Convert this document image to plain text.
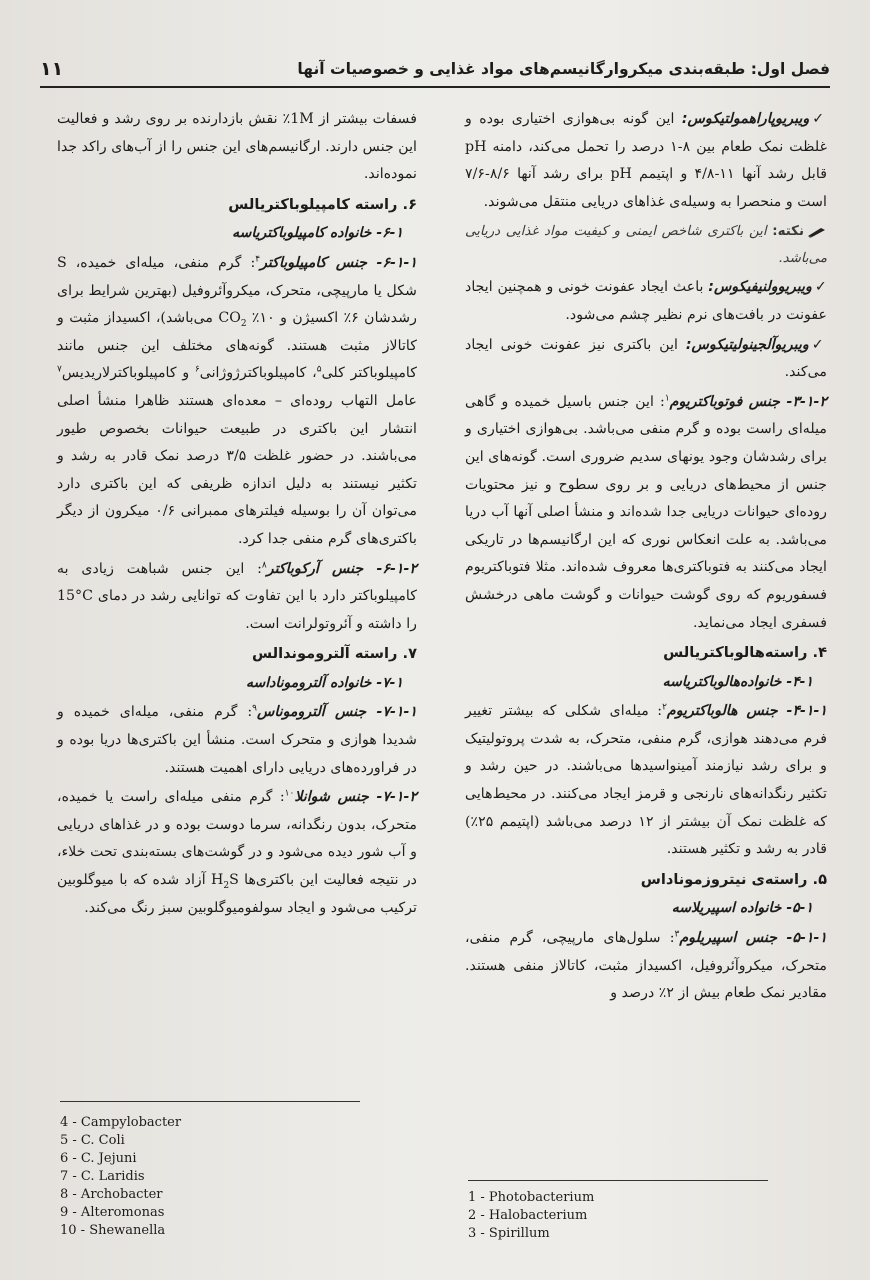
فصل اول: طبقه‌بندی میکروارگانیسم‌های مواد غذایی و خصوصیات آنها
۱۱

✓ویبریوپاراهمولتیکوس: این گونه بی‌هوازی اختیاری بوده و غلظت نمک طعام بین ۸-۱ درصد را تحمل می‌کند، دامنه pH قابل رشد آنها ۱۱-۴/۸ و اپتیمم pH برای رشد آنها ۸/۶-۷/۶ است و منحصرا به وسیله‌ی غذاهای دریایی منتقل می‌شوند.

نکته: این باکتری شاخص ایمنی و کیفیت مواد غذایی دریایی می‌باشد.

✓ویبریوولنیفیکوس: باعث ایجاد عفونت خونی و همچنین ایجاد عفونت در بافت‌های نرم نظیر چشم می‌شود.

✓ویبریوآلجینولیتیکوس: این باکتری نیز عفونت خونی ایجاد می‌کند.

۳-۱-۲- جنس فوتوباکتریوم$^۱$: این جنس باسیل خمیده و گاهی میله‌ای راست بوده و گرم منفی می‌باشد. بی‌هوازی اختیاری و برای رشدشان وجود یونهای سدیم ضروری است. گونه‌های این جنس از محیط‌های دریایی و بر روی سطوح و نیز محتویات روده‌ای حیوانات دریایی جدا شده‌اند و منشأ اصلی آنها آب دریا می‌باشد. به علت انعکاس نوری که این ارگانیسم‌ها در تاریکی ایجاد می‌کنند به فتوباکتری‌ها معروف شده‌اند. مثلا فتوباکتریوم فسفوریوم که روی گوشت حیوانات و گوشت ماهی درخشش فسفری ایجاد می‌نماید.

۴. راسته‌هالوباکتریالس

۴-۱- خانواده‌هالوباکتریاسه

۴-۱-۱- جنس هالوباکتریوم$^۲$: میله‌ای شکلی که بیشتر تغییر فرم می‌دهند هوازی، گرم منفی، متحرک، به شدت پروتولیتیک و برای رشد نیازمند آمینواسیدها می‌باشند. در حین رشد و تکثیر رنگدانه‌های نارنجی و قرمز ایجاد می‌کنند. در محیط‌هایی که غلظت نمک آن بیشتر از ۱۲ درصد می‌باشد (اپتیمم ۲۵٪) قادر به رشد و تکثیر هستند.

۵. راسته‌ی نیتروزموناداس

۵-۱- خانواده اسپیریلاسه

۵-۱-۱- جنس اسپیریلوم$^۳$: سلول‌های مارپیچی، گرم منفی، متحرک، میکروآئروفیل، اکسیداز مثبت، کاتالاز منفی هستند. مقادیر نمک طعام بیش از ۲٪ درصد و

فسفات بیشتر از 1M٪ نقش بازدارنده بر روی رشد و فعالیت این جنس دارند. ارگانیسم‌های این جنس را از آب‌های راکد جدا نموده‌اند.

۶. راسته کامپیلوباکتریالس

۶-۱- خانواده کامپیلوباکتریاسه

۶-۱-۱- جنس کامپیلوباکتر$^۴$: گرم منفی، میله‌ای خمیده، S شکل یا مارپیچی، متحرک، میکروآئروفیل (بهترین شرایط برای رشدشان ۶٪ اکسیژن و ۱۰٪ $CO_2$ می‌باشد)، اکسیداز مثبت و کاتالاز مثبت هستند. گونه‌های مختلف این جنس مانند کامپیلوباکتر کلی$^۵$، کامپیلوباکترژوژانی$^۶$ و کامپیلوباکترلاریدیس$^۷$ عامل التهاب روده‌ای – معده‌ای هستند ظاهرا منشأ اصلی انتشار این باکتری در طبیعت حیوانات بخصوص طیور می‌باشند. در حضور غلظت ۳/۵ درصد نمک قادر به رشد و تکثیر نیستند به دلیل اندازه ظریفی که این باکتری دارد می‌توان آن را بوسیله فیلترهای ممبرانی ۰/۶ میکرون از دیگر باکتری‌های گرم منفی جدا کرد.

۶-۱-۲- جنس آرکوباکتر$^۸$: این جنس شباهت زیادی به کامپیلوباکتر دارد با این تفاوت که توانایی رشد در دمای 15°C را داشته و آئروتولرانت است.

۷. راسته آلتروموندالس

۷-۱- خانواده آلتروموناداسه

۷-۱-۱- جنس آلتروموناس$^۹$: گرم منفی، میله‌ای خمیده و شدیدا هوازی و متحرک است. منشأ این باکتری‌ها دریا بوده و در فراورده‌های دریایی دارای اهمیت هستند.

۷-۱-۲- جنس شوانلا$^{۱۰}$: گرم منفی میله‌ای راست یا خمیده، متحرک، بدون رنگدانه، سرما دوست بوده و در غذاهای دریایی و آب شور دیده می‌شود و در گوشت‌های بسته‌بندی تحت خلاء، در نتیجه فعالیت این باکتری‌ها $H_2S$ آزاد شده که با میوگلوبین ترکیب می‌شود و ایجاد سولفومیوگلوبین سبز رنگ می‌کند.

4 - Campylobacter
5 - C. Coli
6 - C. Jejuni
7 - C. Laridis
8 - Archobacter
9 - Alteromonas
10 - Shewanella
1 - Photobacterium
2 - Halobacterium
3 - Spirillum
